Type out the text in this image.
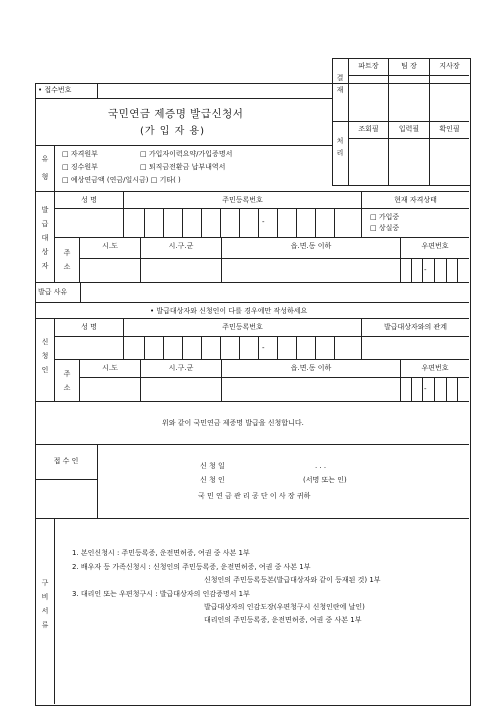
결 재
처 리
파트장	팀 장	지사장
조회필	입력필	확인필
• 접수번호
국민연금 제증명 발급신청서
(가 입 자 용)
유 형
□ 자격원부	□ 가입자이력요약/가입증명서
□ 징수원부	□ 퇴직금전환금 납부내역서
□ 예상연금액 (연금/일시금) □ 기타( )
발급대상자
성 명	주민등록번호	현재 자격상태
-
□ 가입중
□ 상실중
주 소
시.도	시.구.군	읍.면.동 이하	우편번호
-
발급 사유
• 발급대상자와 신청인이 다를 경우에만 작성하세요
신청인
성 명	주민등록번호	발급대상자와의 관계
-
주 소
시.도	시.구.군	읍.면.동 이하	우편번호
-
위와 같이 국민연금 제증명 발급을 신청합니다.
접 수 인
신 청 일	. . .
신 청 인	(서명 또는 인)
국 민 연 금 관 리 공 단 이 사 장 귀하
구비서류
1. 본인신청시 : 주민등록증, 운전면허증, 여권 중 사본 1부
2. 배우자 등 가족신청시 : 신청인의 주민등록증, 운전면허증, 여권 중 사본 1부
신청인의 주민등록등본(발급대상자와 같이 등재된 것) 1부
3. 대리인 또는 우편청구시 : 발급대상자의 인감증명서 1부
발급대상자의 인감도장(우편청구시 신청인란에 날인)
대리인의 주민등록증, 운전면허증, 여권 중 사본 1부
